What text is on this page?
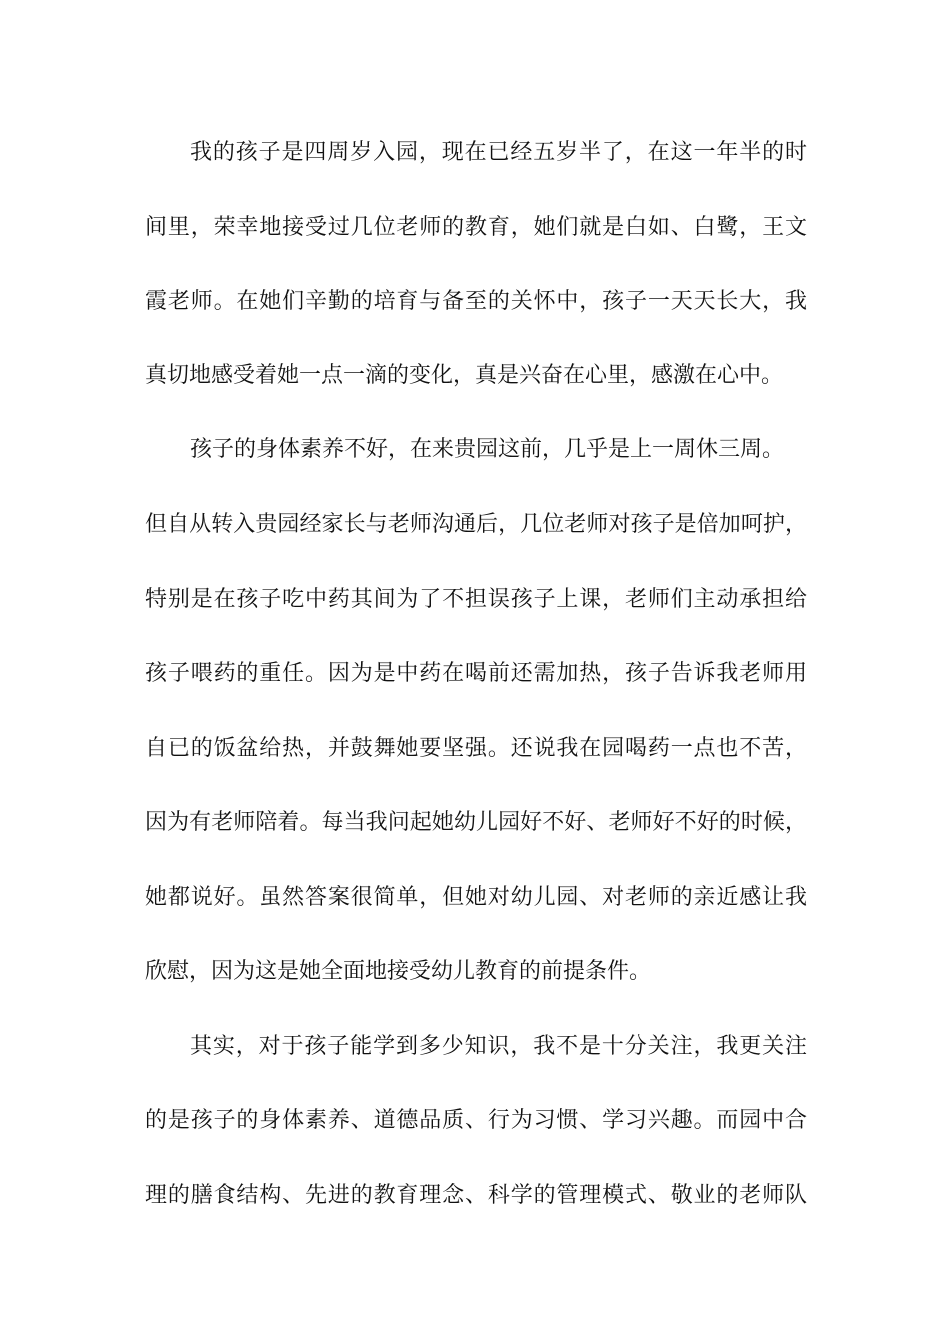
我的孩子是四周岁入园，现在已经五岁半了，在这一年半的时
间里，荣幸地接受过几位老师的教育，她们就是白如、白鹭，王文
霞老师。在她们辛勤的培育与备至的关怀中，孩子一天天长大，我
真切地感受着她一点一滴的变化，真是兴奋在心里，感激在心中。
孩子的身体素养不好，在来贵园这前，几乎是上一周休三周。
但自从转入贵园经家长与老师沟通后，几位老师对孩子是倍加呵护，
特别是在孩子吃中药其间为了不担误孩子上课，老师们主动承担给
孩子喂药的重任。因为是中药在喝前还需加热，孩子告诉我老师用
自已的饭盆给热，并鼓舞她要坚强。还说我在园喝药一点也不苦，
因为有老师陪着。每当我问起她幼儿园好不好、老师好不好的时候，
她都说好。虽然答案很简单，但她对幼儿园、对老师的亲近感让我
欣慰，因为这是她全面地接受幼儿教育的前提条件。
其实，对于孩子能学到多少知识，我不是十分关注，我更关注
的是孩子的身体素养、道德品质、行为习惯、学习兴趣。而园中合
理的膳食结构、先进的教育理念、科学的管理模式、敬业的老师队
